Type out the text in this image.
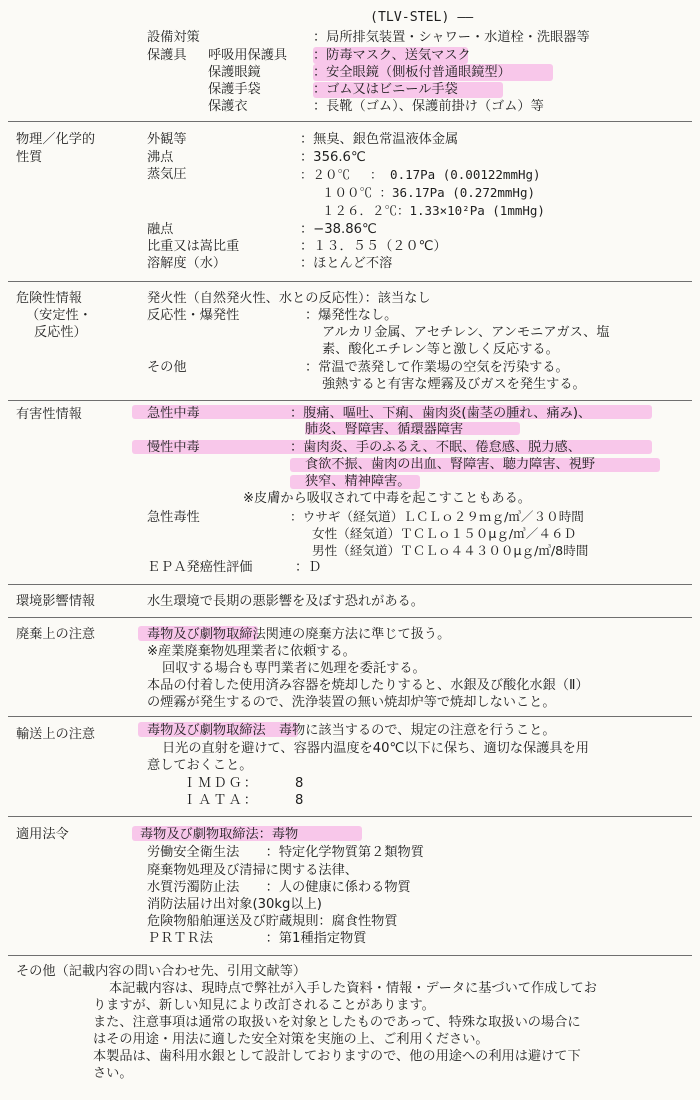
(TLV-STEL) ――
設備対策	：局所排気装置・シャワー・水道栓・洗眼器等
保護具 呼吸用保護具 ：防毒マスク、送気マスク
保護眼鏡	：安全眼鏡（側板付普通眼鏡型）
保護手袋	：ゴム又はビニール手袋
保護衣	：長靴（ゴム）、保護前掛け（ゴム）等
物理／化学的
性質
外観等	：無臭、銀色常温液体金属
沸点	：356.6℃
蒸気圧	：２０℃　 ： 0.17Pa (0.00122mmHg)
１００℃ ：36.17Pa (0.272mmHg)
１２６．２℃：1.33×10²Pa (1mmHg)
融点	：−38.86℃
比重又は嵩比重	：１３．５５（２０℃）
溶解度（水）	：ほとんど不溶
危険性情報
（安定性・
反応性）
発火性（自然発火性、水との反応性）：該当なし
反応性・爆発性	：爆発性なし。
アルカリ金属、アセチレン、アンモニアガス、塩
素、酸化エチレン等と激しく反応する。
その他	：常温で蒸発して作業場の空気を汚染する。
強熱すると有害な煙霧及びガスを発生する。
有害性情報	急性中毒	：腹痛、嘔吐、下痢、歯肉炎(歯茎の腫れ、痛み)、
肺炎、腎障害、循環器障害
慢性中毒	：歯肉炎、手のふるえ、不眠、倦怠感、脱力感、
食欲不振、歯肉の出血、腎障害、聴力障害、視野
狭窄、精神障害。
※皮膚から吸収されて中毒を起こすこともある。
急性毒性	：ウサギ（経気道）ＬＣＬｏ２９ｍｇ/㎥／３０時間
女性（経気道）ＴＣＬｏ１５０μｇ/㎥／４６Ｄ
男性（経気道）ＴＣＬｏ４４３００μｇ/㎥/8時間
ＥＰＡ発癌性評価	：Ｄ
環境影響情報	水生環境で長期の悪影響を及ぼす恐れがある。
廃棄上の注意	毒物及び劇物取締法関連の廃棄方法に準じて扱う。
※産業廃棄物処理業者に依頼する。
回収する場合も専門業者に処理を委託する。
本品の付着した使用済み容器を焼却したりすると、水銀及び酸化水銀（Ⅱ）
の煙霧が発生するので、洗浄装置の無い焼却炉等で焼却しないこと。
輸送上の注意	毒物及び劇物取締法　毒物に該当するので、規定の注意を行うこと。
日光の直射を避けて、容器内温度を40℃以下に保ち、適切な保護具を用
意しておくこと。
ＩＭＤＧ：	8
ＩＡＴＡ：	8
適用法令	毒物及び劇物取締法：毒物
労働安全衛生法　　：特定化学物質第２類物質
廃棄物処理及び清掃に関する法律、
水質汚濁防止法　　：人の健康に係わる物質
消防法届け出対象(30kg以上)
危険物船舶運送及び貯蔵規則：腐食性物質
ＰＲＴＲ法　　　　：第1種指定物質
その他（記載内容の問い合わせ先、引用文献等）
本記載内容は、現時点で弊社が入手した資料・情報・データに基づいて作成してお
りますが、新しい知見により改訂されることがあります。
また、注意事項は通常の取扱いを対象としたものであって、特殊な取扱いの場合に
はその用途・用法に適した安全対策を実施の上、ご利用ください。
本製品は、歯科用水銀として設計しておりますので、他の用途への利用は避けて下
さい。
